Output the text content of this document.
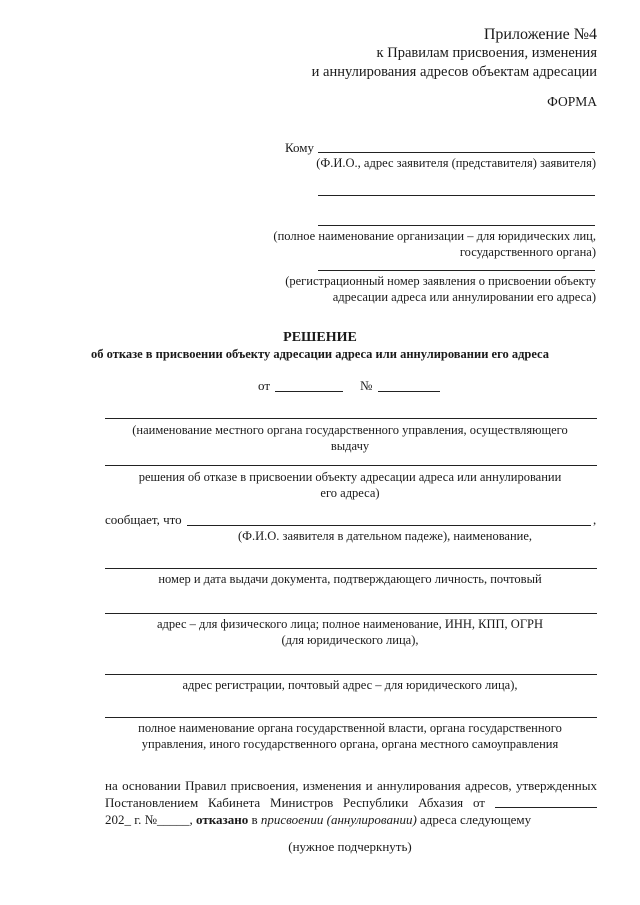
Приложение №4
к Правилам присвоения, изменения
и аннулирования адресов объектам адресации
ФОРМА
Кому
(Ф.И.О., адрес заявителя (представителя) заявителя)
(полное наименование организации – для юридических лиц,
государственного органа)
(регистрационный номер заявления о присвоении объекту
адресации адреса или аннулировании его адреса)
РЕШЕНИЕ
об отказе в присвоении объекту адресации адреса или аннулировании его адреса
от	№
(наименование местного органа государственного управления, осуществляющего
выдачу
решения об отказе в присвоении объекту адресации адреса или аннулировании
его адреса)
сообщает, что	,
(Ф.И.О. заявителя в дательном падеже), наименование,
номер и дата выдачи документа, подтверждающего личность, почтовый
адрес – для физического лица; полное наименование, ИНН, КПП, ОГРН
(для юридического лица),
адрес регистрации, почтовый адрес – для юридического лица),
полное наименование органа государственной власти, органа государственного
управления, иного государственного органа, органа местного самоуправления
на основании Правил присвоения, изменения и аннулирования адресов, утвержденных
Постановлением Кабинета Министров Республики Абхазия от
202_ г. №_____, отказано в присвоении (аннулировании) адреса следующему
(нужное подчеркнуть)
